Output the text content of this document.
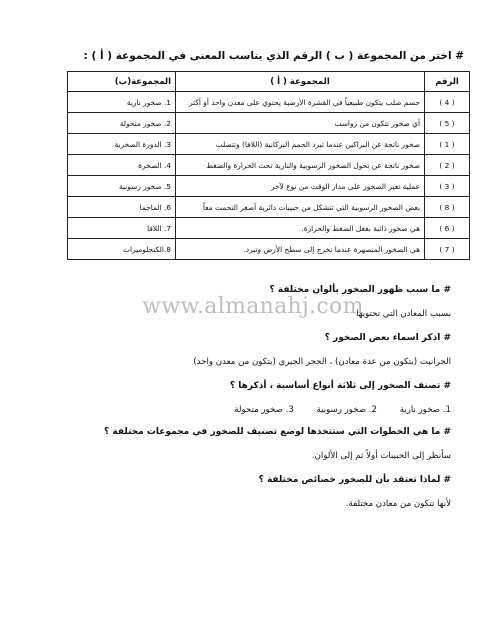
# اختر من المجموعة ( ب ) الرقم الذي يناسب المعنى في المجموعة ( أ ) :
الرقم	المجموعة ( أ )	المجموعة(ب)
( 4 )	جسم صلب يتكون طبيعياً في القشرة الأرضية يحتوي على معدن واحد أو أكثر	1. صخور نارية
( 5 )	أي صخور تتكون من رواسب	2. صخور متحولة
( 1 )	صخور ناتجة عن البراكين عندما تبرد الحمم البركانية (اللافا) وتتصلب	3. الدورة الصخرية
( 2 )	صخور ناتجة عن تحول الصخور الرسوبية والنارية تحت الحرارة والضغط	4. الصخرة
( 3 )	عملية تغير الصخور على مدار الوقت من نوع لآخر	5. صخور رسوبية
( 8 )	بعض الصخور الرسوبية التي تتشكل من حبيبات دائرية أصغر التحمت معاً	6. الماجما
( 6 )	هي صخور ذائبة بفعل الضغط والحرارة.	7. اللافا
( 7 )	هي الصخور المنصهرة عندما تخرج إلى سطح الأرض وتبرد.	8.الكنجلوميرات
# ما سبب ظهور الصخور بألوان مختلفة ؟
بسبب المعادن التي تحتويها
www.almanahj.com
# اذكر اسماء بعض الصخور ؟
الجرانيت (يتكون من عدة معادن) ، الحجر الجيري (يتكون من معدن واحد)
# تصنف الصخور إلى ثلاثة أنواع أساسية ، أذكرها ؟
1. صخور نارية 2. صخور رسوبية 3. صخور متحولة
# ما هي الخطوات التي ستتخذها لوضع تصنيف للصخور في مجموعات مختلفة ؟
سأنظر إلى الحبيبات أولاً ثم إلى الألوان.
# لماذا تعتقد بأن للصخور خصائص مختلفة ؟
لأنها تتكون من معادن مختلفة.
